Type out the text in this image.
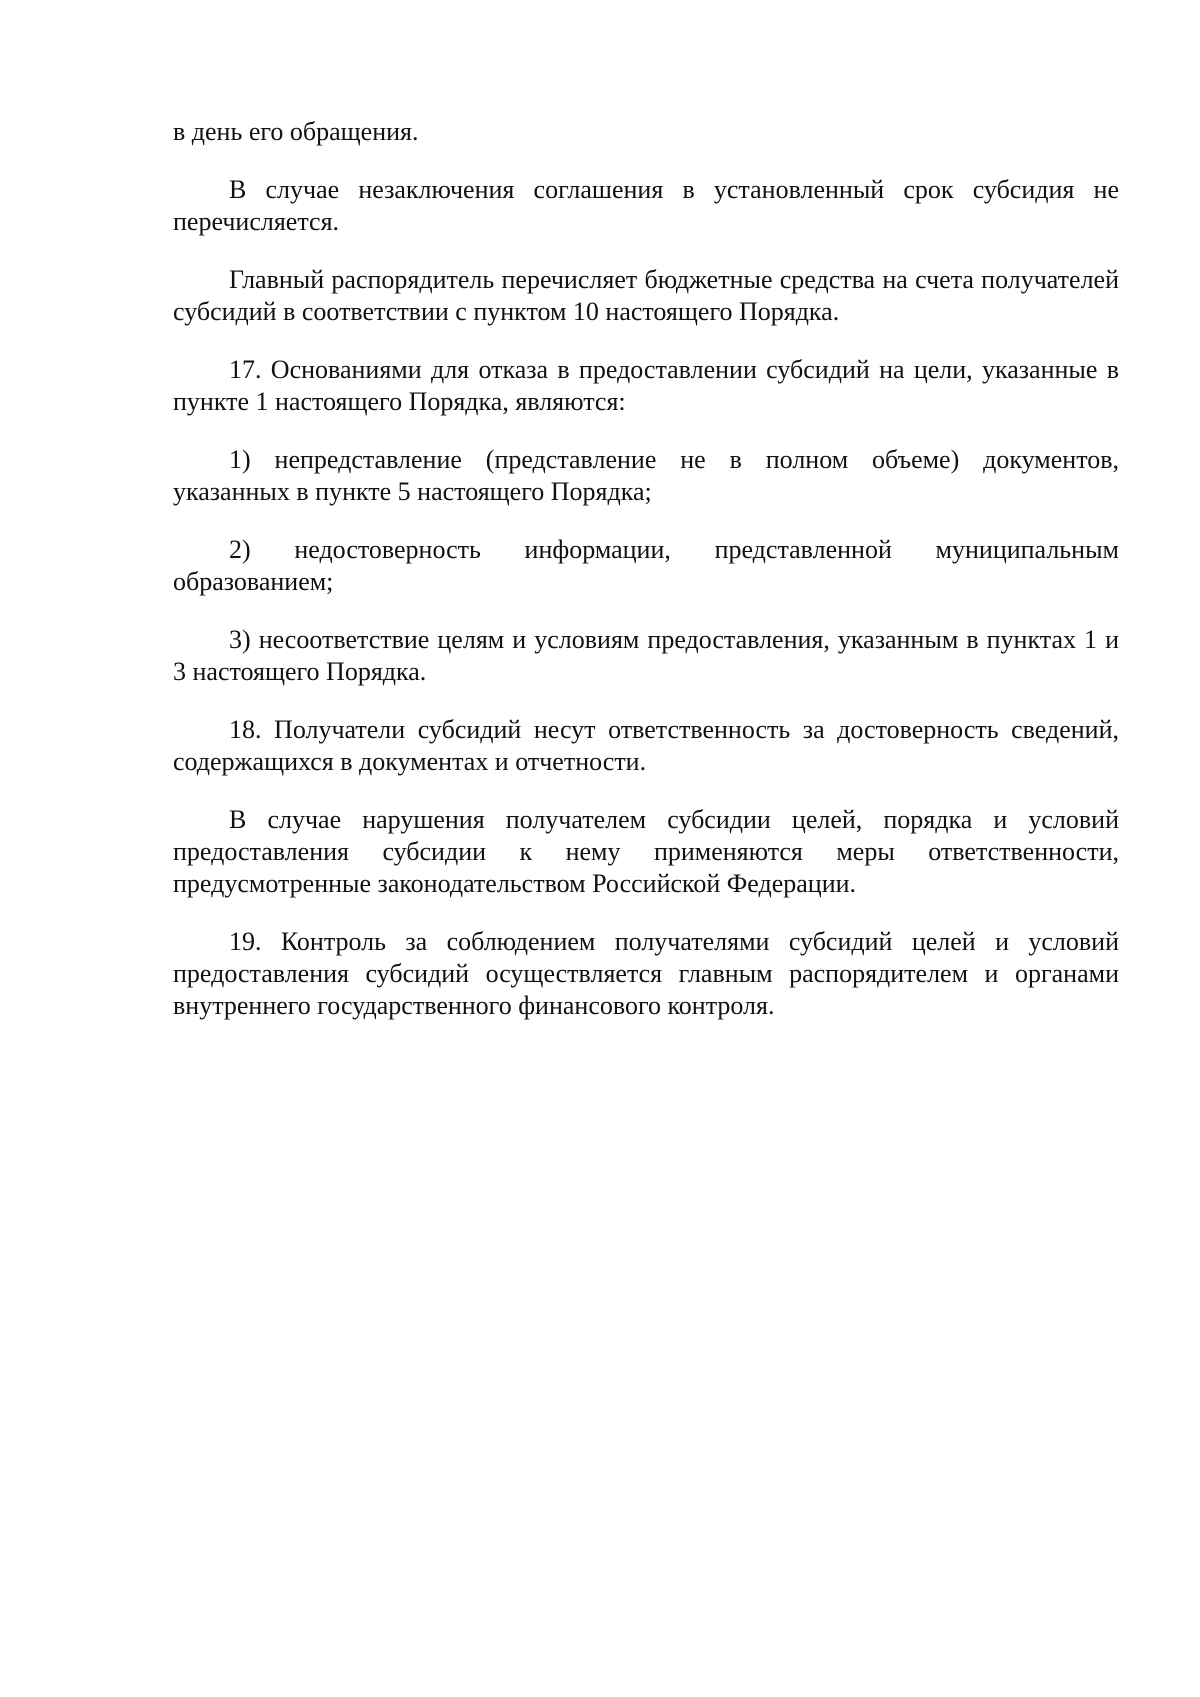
в день его обращения.

В случае незаключения соглашения в установленный срок субсидия не перечисляется.

Главный распорядитель перечисляет бюджетные средства на счета получателей субсидий в соответствии с пунктом 10 настоящего Порядка.

17. Основаниями для отказа в предоставлении субсидий на цели, указанные в пункте 1 настоящего Порядка, являются:

1) непредставление (представление не в полном объеме) документов, указанных в пункте 5 настоящего Порядка;

2) недостоверность информации, представленной муниципальным образованием;

3) несоответствие целям и условиям предоставления, указанным в пунктах 1 и 3 настоящего Порядка.

18. Получатели субсидий несут ответственность за достоверность сведений, содержащихся в документах и отчетности.

В случае нарушения получателем субсидии целей, порядка и условий предоставления субсидии к нему применяются меры ответственности, предусмотренные законодательством Российской Федерации.

19. Контроль за соблюдением получателями субсидий целей и условий предоставления субсидий осуществляется главным распорядителем и органами внутреннего государственного финансового контроля.
